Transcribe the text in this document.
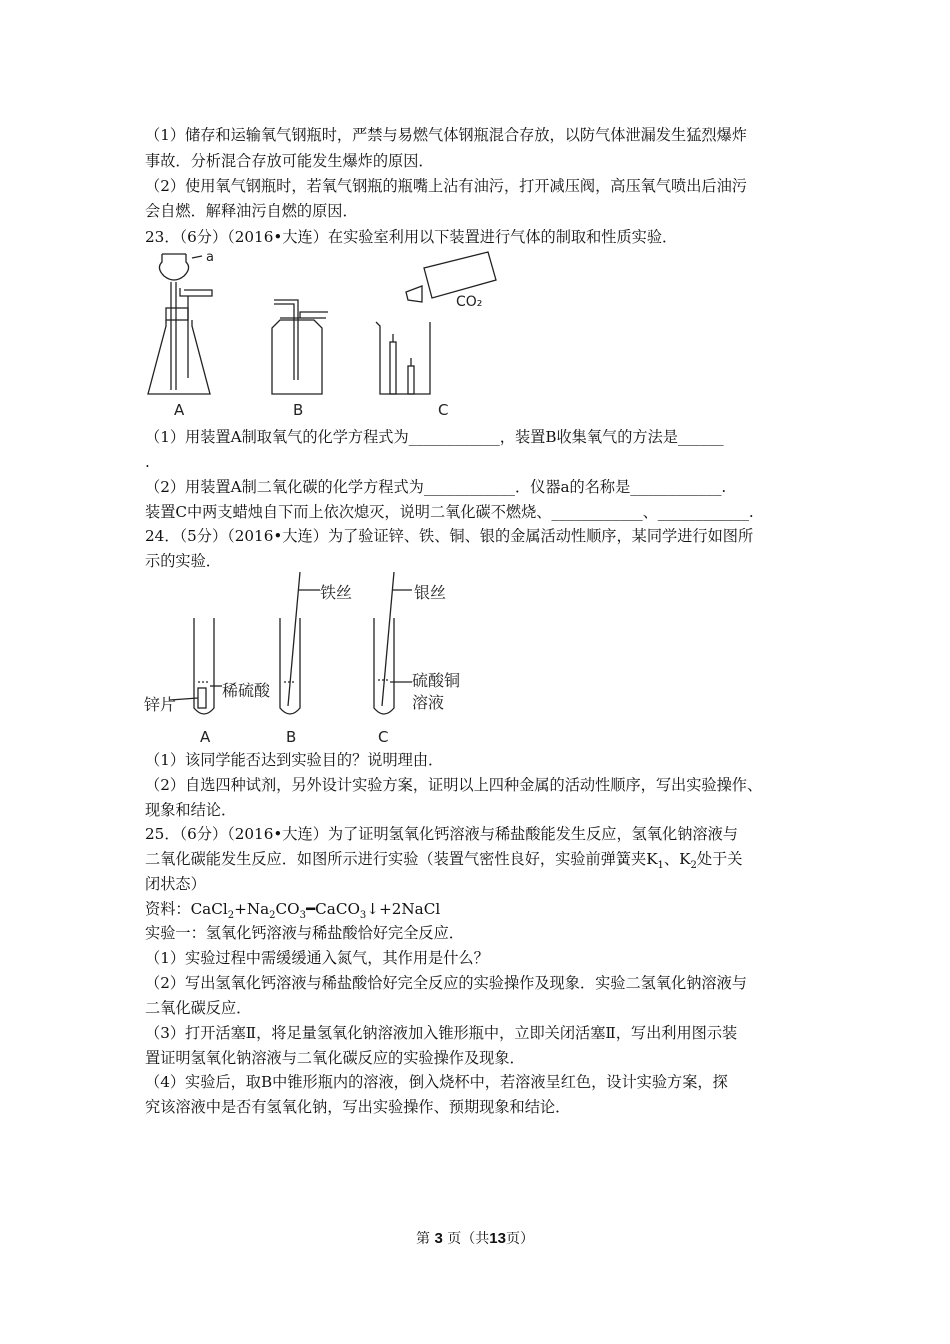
（1）储存和运输氧气钢瓶时，严禁与易燃气体钢瓶混合存放，以防气体泄漏发生猛烈爆炸
事故．分析混合存放可能发生爆炸的原因．
（2）使用氧气钢瓶时，若氧气钢瓶的瓶嘴上沾有油污，打开减压阀，高压氧气喷出后油污
会自燃．解释油污自燃的原因．
23．（6分）（2016•大连）在实验室利用以下装置进行气体的制取和性质实验．
a
A	B
CO₂
C
（1）用装置A制取氧气的化学方程式为____________，装置B收集氧气的方法是______
.
（2）用装置A制二氧化碳的化学方程式为____________．仪器a的名称是____________.
装置C中两支蜡烛自下而上依次熄灭，说明二氧化碳不燃烧、____________、____________.
24．（5分）（2016•大连）为了验证锌、铁、铜、银的金属活动性顺序，某同学进行如图所
示的实验．
锌片
稀硫酸
A
铁丝
B
银丝
硫酸铜
溶液
C
（1）该同学能否达到实验目的？说明理由．
（2）自选四种试剂，另外设计实验方案，证明以上四种金属的活动性顺序，写出实验操作、
现象和结论．
25．（6分）（2016•大连）为了证明氢氧化钙溶液与稀盐酸能发生反应，氢氧化钠溶液与
二氧化碳能发生反应．如图所示进行实验（装置气密性良好，实验前弹簧夹$K_1$、$K_2$处于关
闭状态）
资料：$CaCl_2+Na_2CO_3━CaCO_3↓+2NaCl$
实验一：氢氧化钙溶液与稀盐酸恰好完全反应．
（1）实验过程中需缓缓通入氮气，其作用是什么？
（2）写出氢氧化钙溶液与稀盐酸恰好完全反应的实验操作及现象．实验二氢氧化钠溶液与
二氧化碳反应．
（3）打开活塞Ⅱ，将足量氢氧化钠溶液加入锥形瓶中，立即关闭活塞Ⅱ，写出利用图示装
置证明氢氧化钠溶液与二氧化碳反应的实验操作及现象．
（4）实验后，取B中锥形瓶内的溶液，倒入烧杯中，若溶液呈红色，设计实验方案，探
究该溶液中是否有氢氧化钠，写出实验操作、预期现象和结论．
第 3 页（共13页）
